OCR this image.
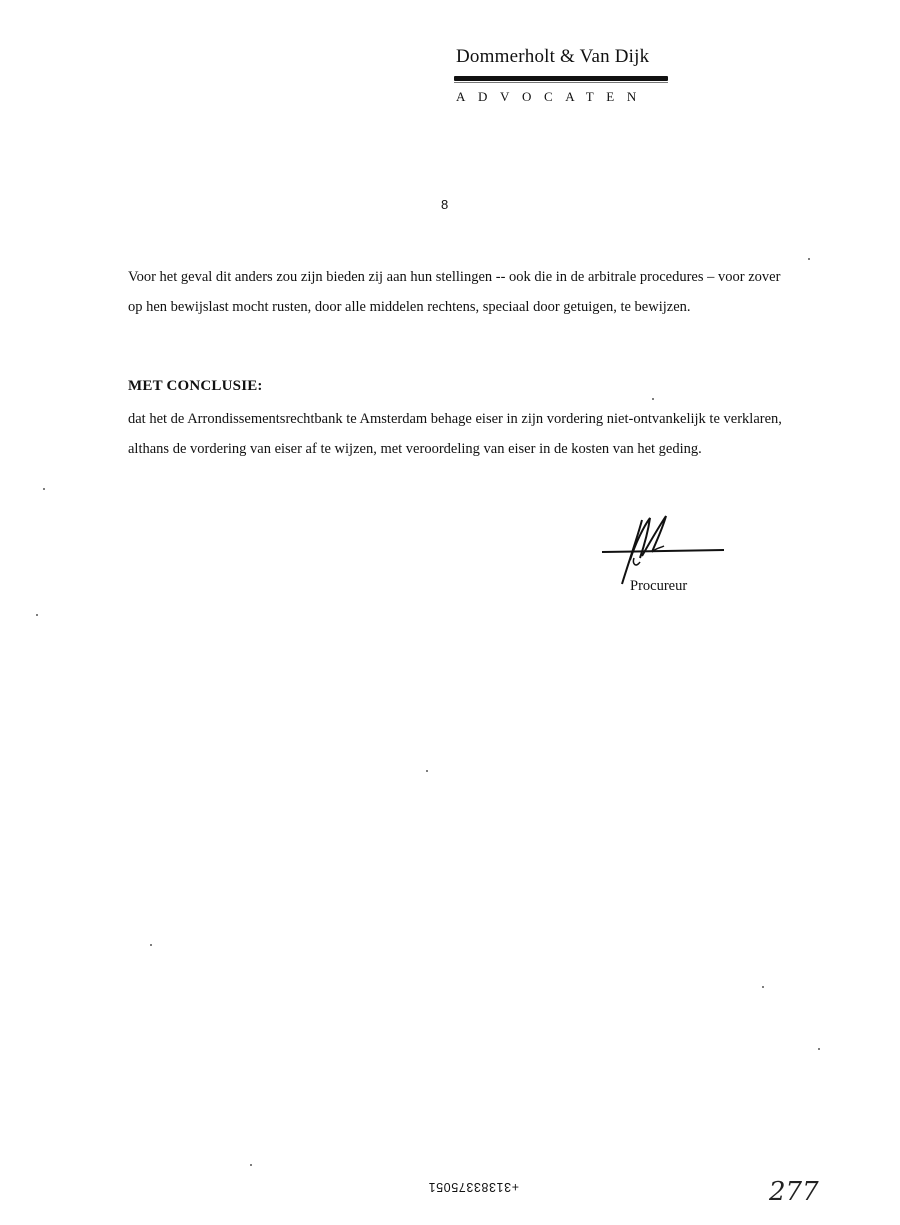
Dommerholt & Van Dijk
ADVOCATEN
8
Voor het geval dit anders zou zijn bieden zij aan hun stellingen -- ook die in de arbitrale procedures – voor zover op hen bewijslast mocht rusten, door alle middelen rechtens, speciaal door getuigen, te bewijzen.
MET CONCLUSIE:
dat het de Arrondissementsrechtbank te Amsterdam behage eiser in zijn vordering niet-ontvankelijk te verklaren, althans de vordering van eiser af te wijzen, met veroordeling van eiser in de kosten van het geding.
Procureur
+31383375051	277
